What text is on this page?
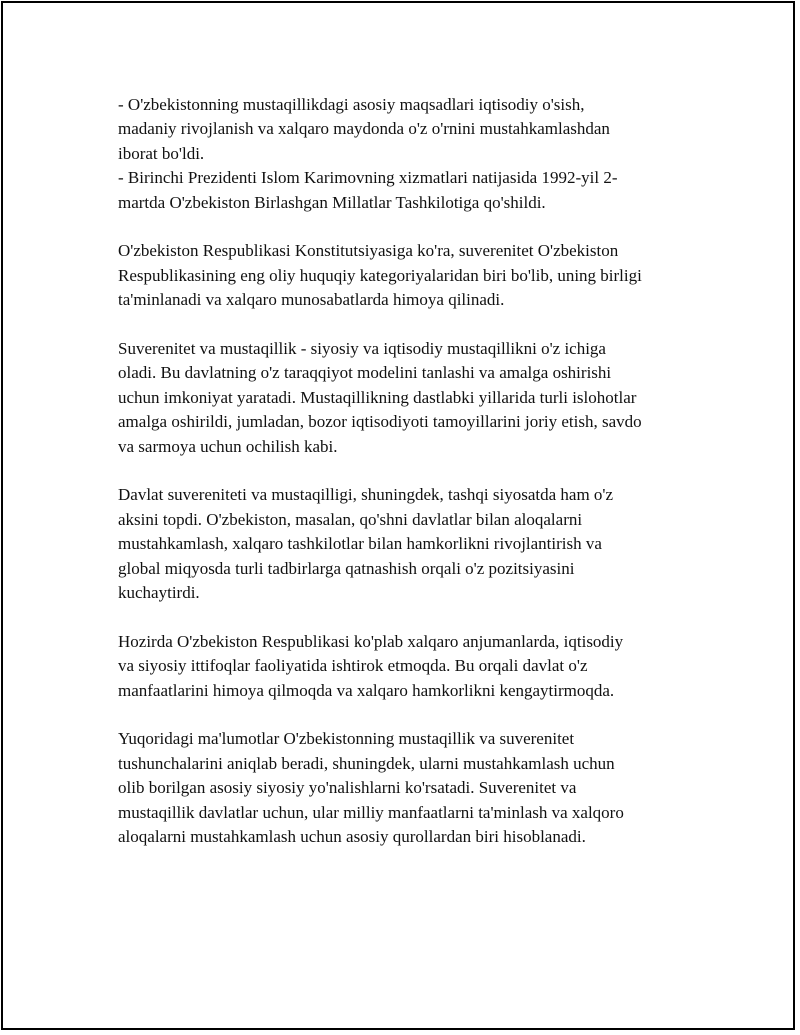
- O'zbekistonning mustaqillikdagi asosiy maqsadlari iqtisodiy o'sish,
madaniy rivojlanish va xalqaro maydonda o'z o'rnini mustahkamlashdan
iborat bo'ldi.
- Birinchi Prezidenti Islom Karimovning xizmatlari natijasida 1992-yil 2-
martda O'zbekiston Birlashgan Millatlar Tashkilotiga qo'shildi.

O'zbekiston Respublikasi Konstitutsiyasiga ko'ra, suverenitet O'zbekiston
Respublikasining eng oliy huquqiy kategoriyalaridan biri bo'lib, uning birligi
ta'minlanadi va xalqaro munosabatlarda himoya qilinadi.

Suverenitet va mustaqillik - siyosiy va iqtisodiy mustaqillikni o'z ichiga
oladi. Bu davlatning o'z taraqqiyot modelini tanlashi va amalga oshirishi
uchun imkoniyat yaratadi. Mustaqillikning dastlabki yillarida turli islohotlar
amalga oshirildi, jumladan, bozor iqtisodiyoti tamoyillarini joriy etish, savdo
va sarmoya uchun ochilish kabi.

Davlat suvereniteti va mustaqilligi, shuningdek, tashqi siyosatda ham o'z
aksini topdi. O'zbekiston, masalan, qo'shni davlatlar bilan aloqalarni
mustahkamlash, xalqaro tashkilotlar bilan hamkorlikni rivojlantirish va
global miqyosda turli tadbirlarga qatnashish orqali o'z pozitsiyasini
kuchaytirdi.

Hozirda O'zbekiston Respublikasi ko'plab xalqaro anjumanlarda, iqtisodiy
va siyosiy ittifoqlar faoliyatida ishtirok etmoqda. Bu orqali davlat o'z
manfaatlarini himoya qilmoqda va xalqaro hamkorlikni kengaytirmoqda.

Yuqoridagi ma'lumotlar O'zbekistonning mustaqillik va suverenitet
tushunchalarini aniqlab beradi, shuningdek, ularni mustahkamlash uchun
olib borilgan asosiy siyosiy yo'nalishlarni ko'rsatadi. Suverenitet va
mustaqillik davlatlar uchun, ular milliy manfaatlarni ta'minlash va xalqoro
aloqalarni mustahkamlash uchun asosiy qurollardan biri hisoblanadi.
